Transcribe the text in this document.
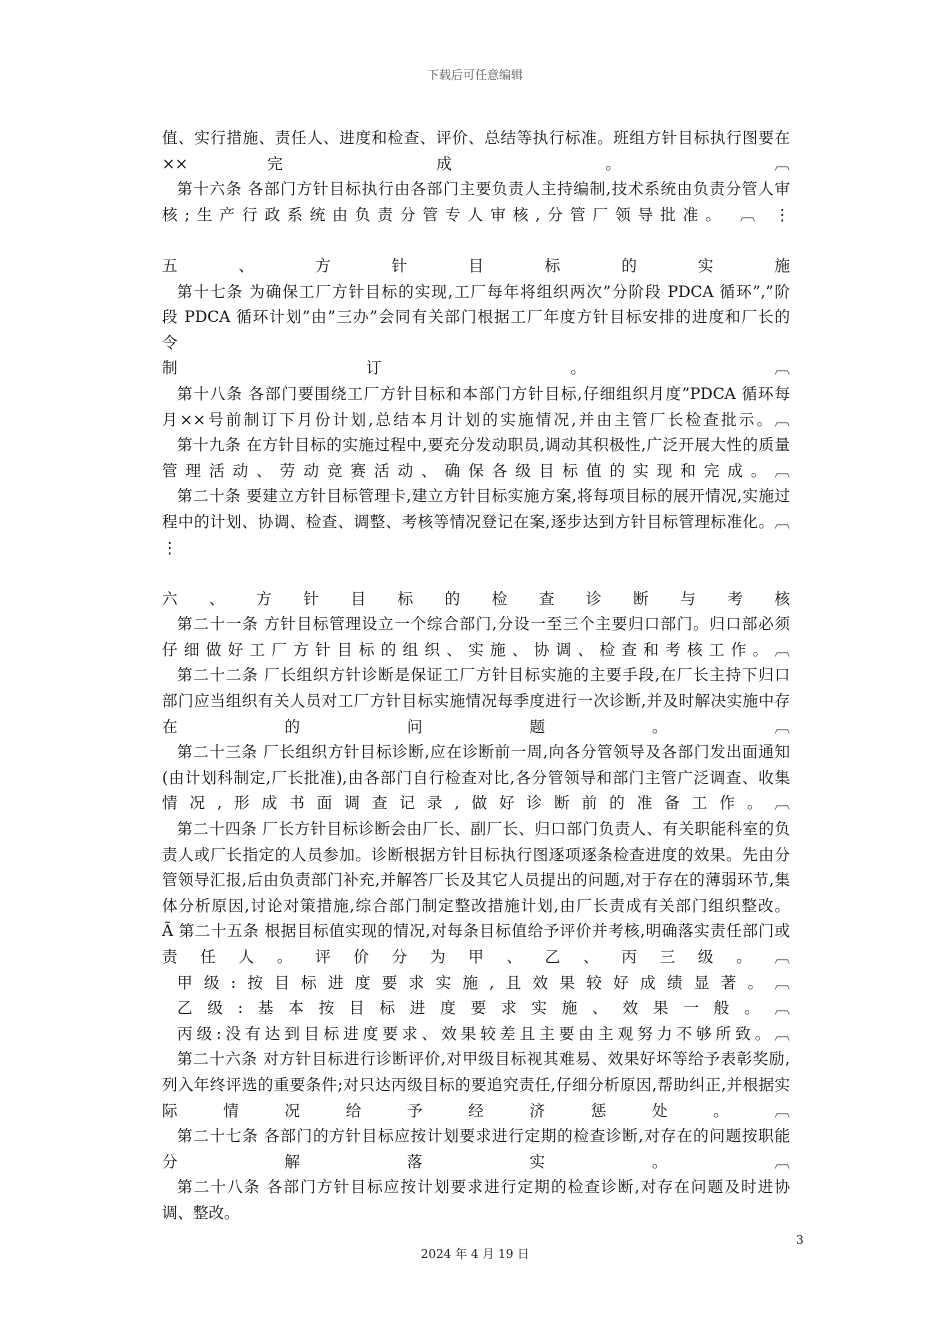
下载后可任意编辑
值、实行措施、责任人、进度和检查、评价、总结等执行标准。班组方针目标执行图要在
×× 完 成 。 ︹
第十六条 各部门方针目标执行由各部门主要负责人主持编制,技术系统由负责分管人审
核;生产行政系统由负责分管专人审核,分管厂领导批准。 ︹ ⋮
五 、 方 针 目 标 的 实 施
第十七条 为确保工厂方针目标的实现,工厂每年将组织两次”分阶段 PDCA 循环”,”阶
段 PDCA 循环计划”由”三办”会同有关部门根据工厂年度方针目标安排的进度和厂长的
令
制 订 。 ︹
第十八条 各部门要围绕工厂方针目标和本部门方针目标,仔细组织月度”PDCA 循环每
月××号前制订下月份计划,总结本月计划的实施情况,并由主管厂长检查批示。︹
第十九条 在方针目标的实施过程中,要充分发动职员,调动其积极性,广泛开展大性的质量
管理活动、劳动竞赛活动、确保各级目标值的实现和完成。︹
第二十条 要建立方针目标管理卡,建立方针目标实施方案,将每项目标的展开情况,实施过
程中的计划、协调、检查、调整、考核等情况登记在案,逐步达到方针目标管理标准化。︹
⋮
六 、 方 针 目 标 的 检 查 诊 断 与 考 核
第二十一条 方针目标管理设立一个综合部门,分设一至三个主要归口部门。归口部必须
仔细做好工厂方针目标的组织、实施、协调、检查和考核工作。︹
第二十二条 厂长组织方针诊断是保证工厂方针目标实施的主要手段,在厂长主持下归口
部门应当组织有关人员对工厂方针目标实施情况每季度进行一次诊断,并及时解决实施中存
在 的 问 题 。 ︹
第二十三条 厂长组织方针目标诊断,应在诊断前一周,向各分管领导及各部门发出面通知
(由计划科制定,厂长批准),由各部门自行检查对比,各分管领导和部门主管广泛调查、收集
情况,形成书面调查记录,做好诊断前的准备工作。︹
第二十四条 厂长方针目标诊断会由厂长、副厂长、归口部门负责人、有关职能科室的负
责人或厂长指定的人员参加。诊断根据方针目标执行图逐项逐条检查进度的效果。先由分
管领导汇报,后由负责部门补充,并解答厂长及其它人员提出的问题,对于存在的薄弱环节,集
体分析原因,讨论对策措施,综合部门制定整改措施计划,由厂长责成有关部门组织整改。
Ã 第二十五条 根据目标值实现的情况,对每条目标值给予评价并考核,明确落实责任部门或
责 任 人 。 评 价 分 为 甲 、 乙 、 丙 三 级 。 ︹
甲级:按目标进度要求实施,且效果较好成绩显著。︹
乙级:基本按目标进度要求实施、效果一般。︹
丙级:没有达到目标进度要求、效果较差且主要由主观努力不够所致。︹
第二十六条 对方针目标进行诊断评价,对甲级目标视其难易、效果好坏等给予表彰奖励,
列入年终评选的重要条件;对只达丙级目标的要追究责任,仔细分析原因,帮助纠正,并根据实
际 情 况 给 予 经 济 惩 处 。 ︹
第二十七条 各部门的方针目标应按计划要求进行定期的检查诊断,对存在的问题按职能
分 解 落 实 。 ︹
第二十八条 各部门方针目标应按计划要求进行定期的检查诊断,对存在问题及时进协
调、整改。
3
2024 年 4 月 19 日
